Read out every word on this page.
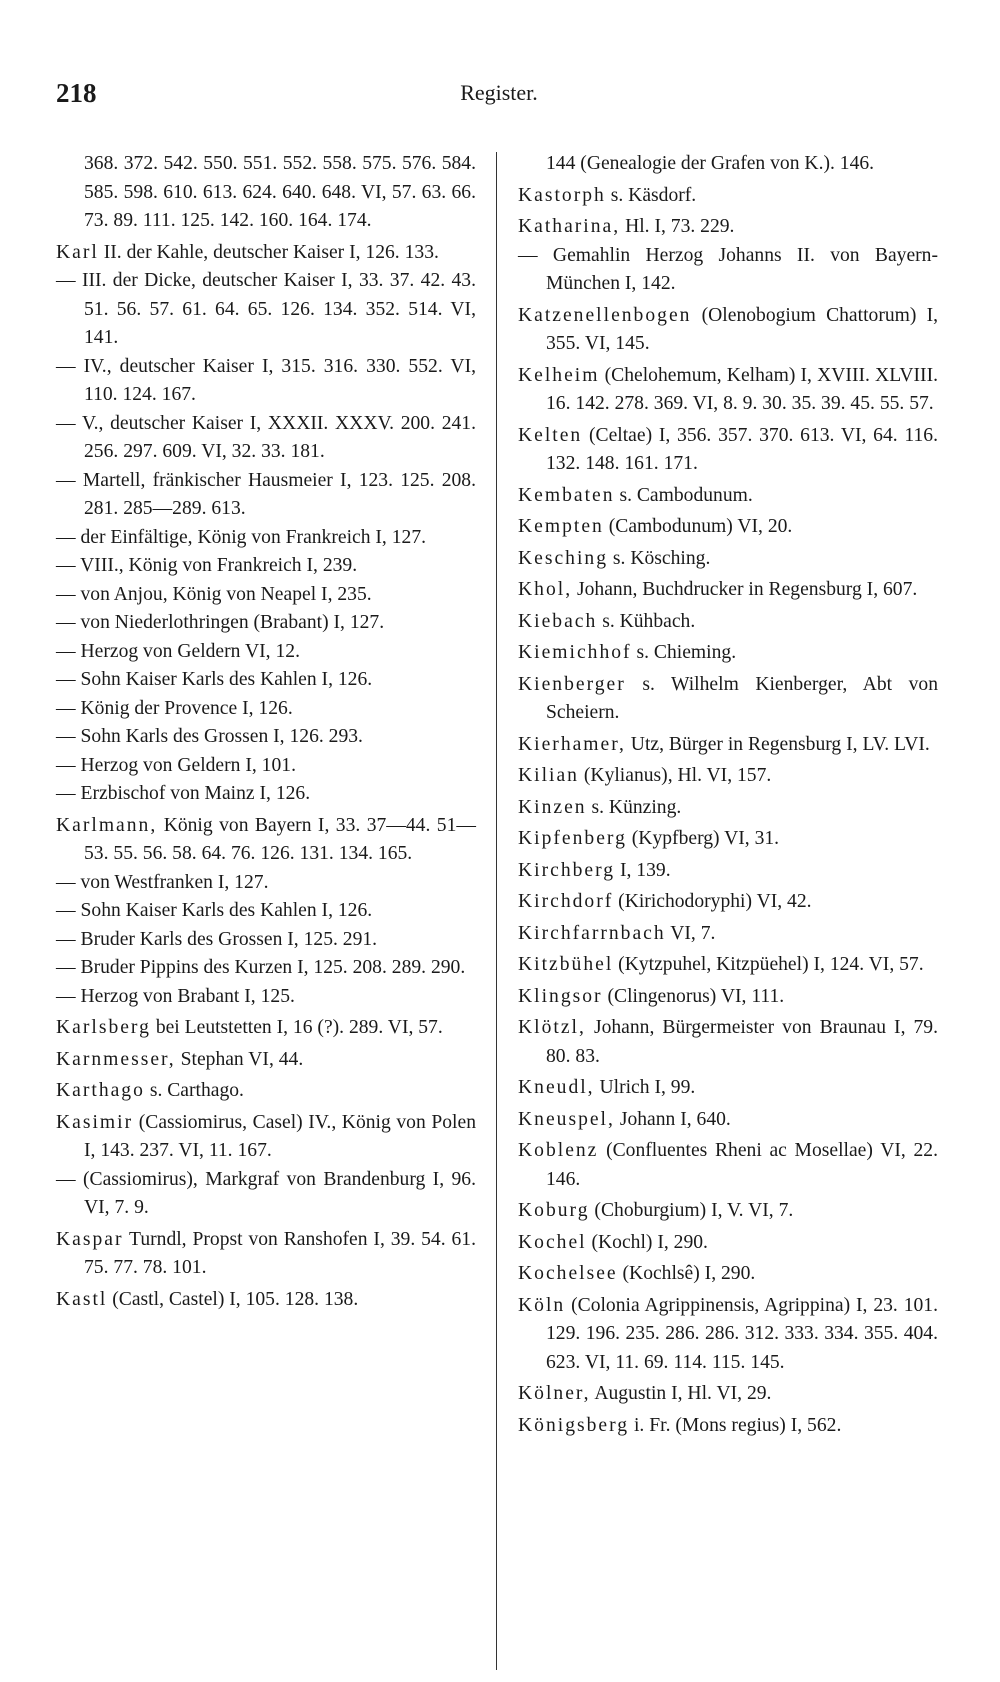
218	Register.
368. 372. 542. 550. 551. 552. 558. 575. 576. 584. 585. 598. 610. 613. 624. 640. 648. VI, 57. 63. 66. 73. 89. 111. 125. 142. 160. 164. 174.
Karl II. der Kahle, deutscher Kaiser I, 126. 133.
— III. der Dicke, deutscher Kaiser I, 33. 37. 42. 43. 51. 56. 57. 61. 64. 65. 126. 134. 352. 514. VI, 141.
— IV., deutscher Kaiser I, 315. 316. 330. 552. VI, 110. 124. 167.
— V., deutscher Kaiser I, XXXII. XXXV. 200. 241. 256. 297. 609. VI, 32. 33. 181.
— Martell, fränkischer Hausmeier I, 123. 125. 208. 281. 285—289. 613.
— der Einfältige, König von Frankreich I, 127.
— VIII., König von Frankreich I, 239.
— von Anjou, König von Neapel I, 235.
— von Niederlothringen (Brabant) I, 127.
— Herzog von Geldern VI, 12.
— Sohn Kaiser Karls des Kahlen I, 126.
— König der Provence I, 126.
— Sohn Karls des Grossen I, 126. 293.
— Herzog von Geldern I, 101.
— Erzbischof von Mainz I, 126.
Karlmann, König von Bayern I, 33. 37—44. 51—53. 55. 56. 58. 64. 76. 126. 131. 134. 165.
— von Westfranken I, 127.
— Sohn Kaiser Karls des Kahlen I, 126.
— Bruder Karls des Grossen I, 125. 291.
— Bruder Pippins des Kurzen I, 125. 208. 289. 290.
— Herzog von Brabant I, 125.
Karlsberg bei Leutstetten I, 16 (?). 289. VI, 57.
Karnmesser, Stephan VI, 44.
Karthago s. Carthago.
Kasimir (Cassiomirus, Casel) IV., König von Polen I, 143. 237. VI, 11. 167.
— (Cassiomirus), Markgraf von Brandenburg I, 96. VI, 7. 9.
Kaspar Turndl, Propst von Ranshofen I, 39. 54. 61. 75. 77. 78. 101.
Kastl (Castl, Castel) I, 105. 128. 138.
144 (Genealogie der Grafen von K.). 146.
Kastorph s. Käsdorf.
Katharina, Hl. I, 73. 229.
— Gemahlin Herzog Johanns II. von Bayern-München I, 142.
Katzenellenbogen (Olenobogium Chattorum) I, 355. VI, 145.
Kelheim (Chelohemum, Kelham) I, XVIII. XLVIII. 16. 142. 278. 369. VI, 8. 9. 30. 35. 39. 45. 55. 57.
Kelten (Celtae) I, 356. 357. 370. 613. VI, 64. 116. 132. 148. 161. 171.
Kembaten s. Cambodunum.
Kempten (Cambodunum) VI, 20.
Kesching s. Kösching.
Khol, Johann, Buchdrucker in Regensburg I, 607.
Kiebach s. Kühbach.
Kiemichhof s. Chieming.
Kienberger s. Wilhelm Kienberger, Abt von Scheiern.
Kierhamer, Utz, Bürger in Regensburg I, LV. LVI.
Kilian (Kylianus), Hl. VI, 157.
Kinzen s. Künzing.
Kipfenberg (Kypfberg) VI, 31.
Kirchberg I, 139.
Kirchdorf (Kirichodoryphi) VI, 42.
Kirchfarrnbach VI, 7.
Kitzbühel (Kytzpuhel, Kitzpüehel) I, 124. VI, 57.
Klingsor (Clingenorus) VI, 111.
Klötzl, Johann, Bürgermeister von Braunau I, 79. 80. 83.
Kneudl, Ulrich I, 99.
Kneuspel, Johann I, 640.
Koblenz (Confluentes Rheni ac Mosellae) VI, 22. 146.
Koburg (Choburgium) I, V. VI, 7.
Kochel (Kochl) I, 290.
Kochelsee (Kochlsê) I, 290.
Köln (Colonia Agrippinensis, Agrippina) I, 23. 101. 129. 196. 235. 286. 286. 312. 333. 334. 355. 404. 623. VI, 11. 69. 114. 115. 145.
Kölner, Augustin I, Hl. VI, 29.
Königsberg i. Fr. (Mons regius) I, 562.
